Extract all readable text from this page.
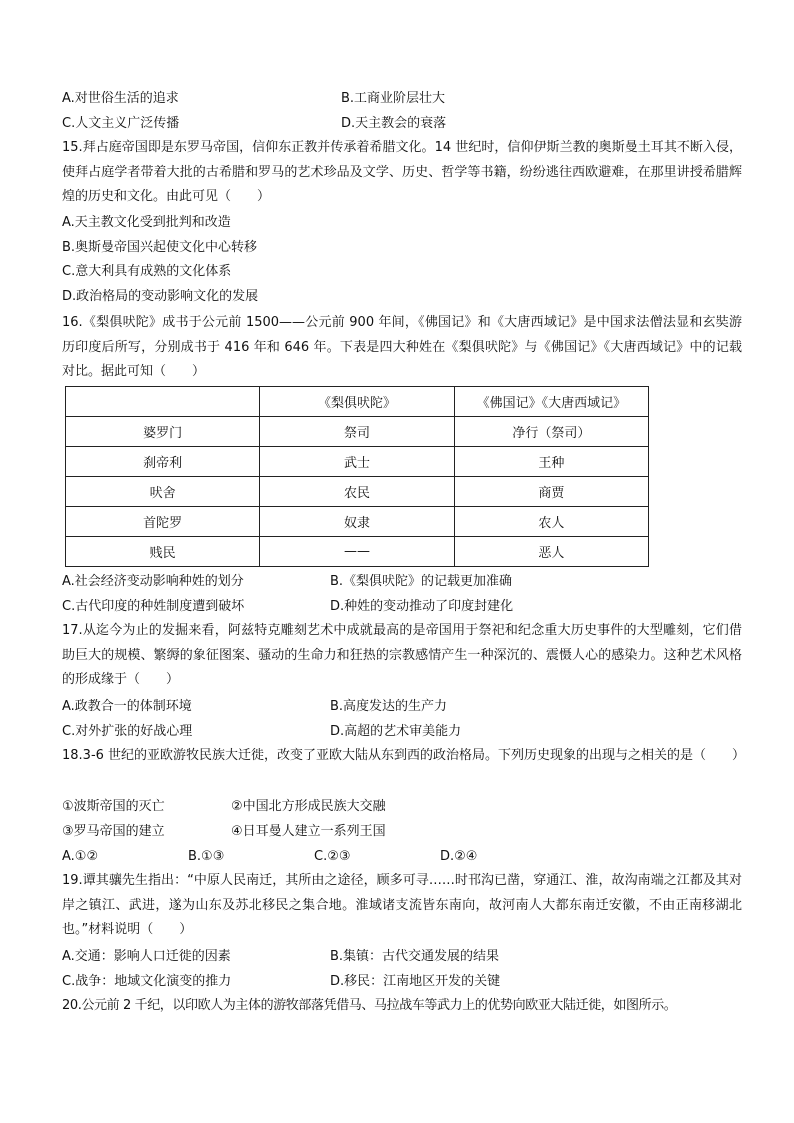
A.对世俗生活的追求	B.工商业阶层壮大
C.人文主义广泛传播	D.天主教会的衰落
15.拜占庭帝国即是东罗马帝国，信仰东正教并传承着希腊文化。14 世纪时，信仰伊斯兰教的奥斯曼土耳其不断入侵，使拜占庭学者带着大批的古希腊和罗马的艺术珍品及文学、历史、哲学等书籍，纷纷逃往西欧避难，在那里讲授希腊辉煌的历史和文化。由此可见（　　）
A.天主教文化受到批判和改造
B.奥斯曼帝国兴起使文化中心转移
C.意大利具有成熟的文化体系
D.政治格局的变动影响文化的发展
16.《梨俱吠陀》成书于公元前 1500——公元前 900 年间，《佛国记》和《大唐西域记》是中国求法僧法显和玄奘游历印度后所写，分别成书于 416 年和 646 年。下表是四大种姓在《梨俱吠陀》与《佛国记》《大唐西域记》中的记载对比。据此可知（　　）
	《梨俱吠陀》	《佛国记》《大唐西域记》
婆罗门	祭司	净行（祭司）
刹帝利	武士	王种
吠舍	农民	商贾
首陀罗	奴隶	农人
贱民	——	恶人
A.社会经济变动影响种姓的划分	B.《梨俱吠陀》的记载更加准确
C.古代印度的种姓制度遭到破坏	D.种姓的变动推动了印度封建化
17.从迄今为止的发掘来看，阿兹特克雕刻艺术中成就最高的是帝国用于祭祀和纪念重大历史事件的大型雕刻，它们借助巨大的规模、繁缛的象征图案、骚动的生命力和狂热的宗教感情产生一种深沉的、震慑人心的感染力。这种艺术风格的形成缘于（　　）
A.政教合一的体制环境	B.高度发达的生产力
C.对外扩张的好战心理	D.高超的艺术审美能力
18.3-6 世纪的亚欧游牧民族大迁徙，改变了亚欧大陆从东到西的政治格局。下列历史现象的出现与之相关的是（　　）
①波斯帝国的灭亡	②中国北方形成民族大交融
③罗马帝国的建立	④日耳曼人建立一系列王国
A.①②	B.①③	C.②③	D.②④
19.谭其骧先生指出：“中原人民南迁，其所由之途径，顾多可寻……时邗沟已凿，穿通江、淮，故沟南端之江都及其对岸之镇江、武进，遂为山东及苏北移民之集合地。淮域诸支流皆东南向，故河南人大都东南迁安徽，不由正南移湖北也。”材料说明（　　）
A.交通：影响人口迁徙的因素	B.集镇：古代交通发展的结果
C.战争：地域文化演变的推力	D.移民：江南地区开发的关键
20.公元前 2 千纪，以印欧人为主体的游牧部落凭借马、马拉战车等武力上的优势向欧亚大陆迁徙，如图所示。
